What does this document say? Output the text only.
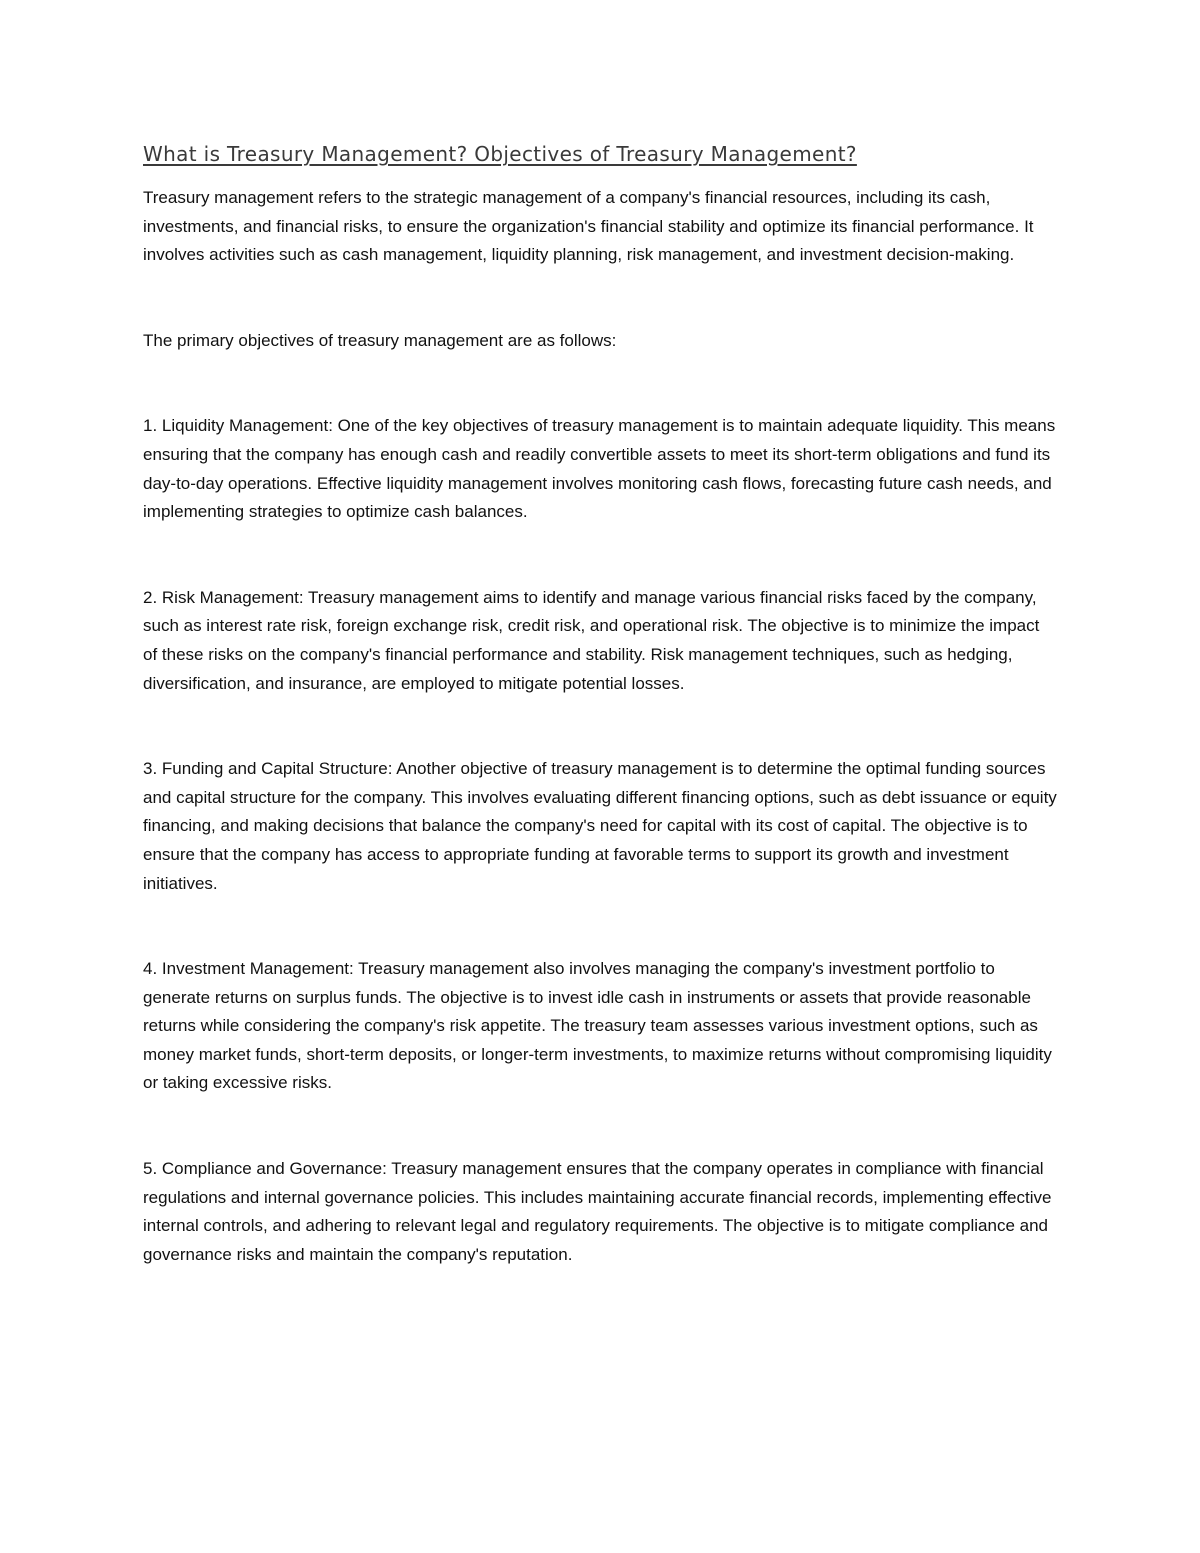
What is Treasury Management? Objectives of Treasury Management?

Treasury management refers to the strategic management of a company's financial resources, including its cash, investments, and financial risks, to ensure the organization's financial stability and optimize its financial performance. It involves activities such as cash management, liquidity planning, risk management, and investment decision-making.

The primary objectives of treasury management are as follows:

1. Liquidity Management: One of the key objectives of treasury management is to maintain adequate liquidity. This means ensuring that the company has enough cash and readily convertible assets to meet its short-term obligations and fund its day-to-day operations. Effective liquidity management involves monitoring cash flows, forecasting future cash needs, and implementing strategies to optimize cash balances.

2. Risk Management: Treasury management aims to identify and manage various financial risks faced by the company, such as interest rate risk, foreign exchange risk, credit risk, and operational risk. The objective is to minimize the impact of these risks on the company's financial performance and stability. Risk management techniques, such as hedging, diversification, and insurance, are employed to mitigate potential losses.

3. Funding and Capital Structure: Another objective of treasury management is to determine the optimal funding sources and capital structure for the company. This involves evaluating different financing options, such as debt issuance or equity financing, and making decisions that balance the company's need for capital with its cost of capital. The objective is to ensure that the company has access to appropriate funding at favorable terms to support its growth and investment initiatives.

4. Investment Management: Treasury management also involves managing the company's investment portfolio to generate returns on surplus funds. The objective is to invest idle cash in instruments or assets that provide reasonable returns while considering the company's risk appetite. The treasury team assesses various investment options, such as money market funds, short-term deposits, or longer-term investments, to maximize returns without compromising liquidity or taking excessive risks.

5. Compliance and Governance: Treasury management ensures that the company operates in compliance with financial regulations and internal governance policies. This includes maintaining accurate financial records, implementing effective internal controls, and adhering to relevant legal and regulatory requirements. The objective is to mitigate compliance and governance risks and maintain the company's reputation.
